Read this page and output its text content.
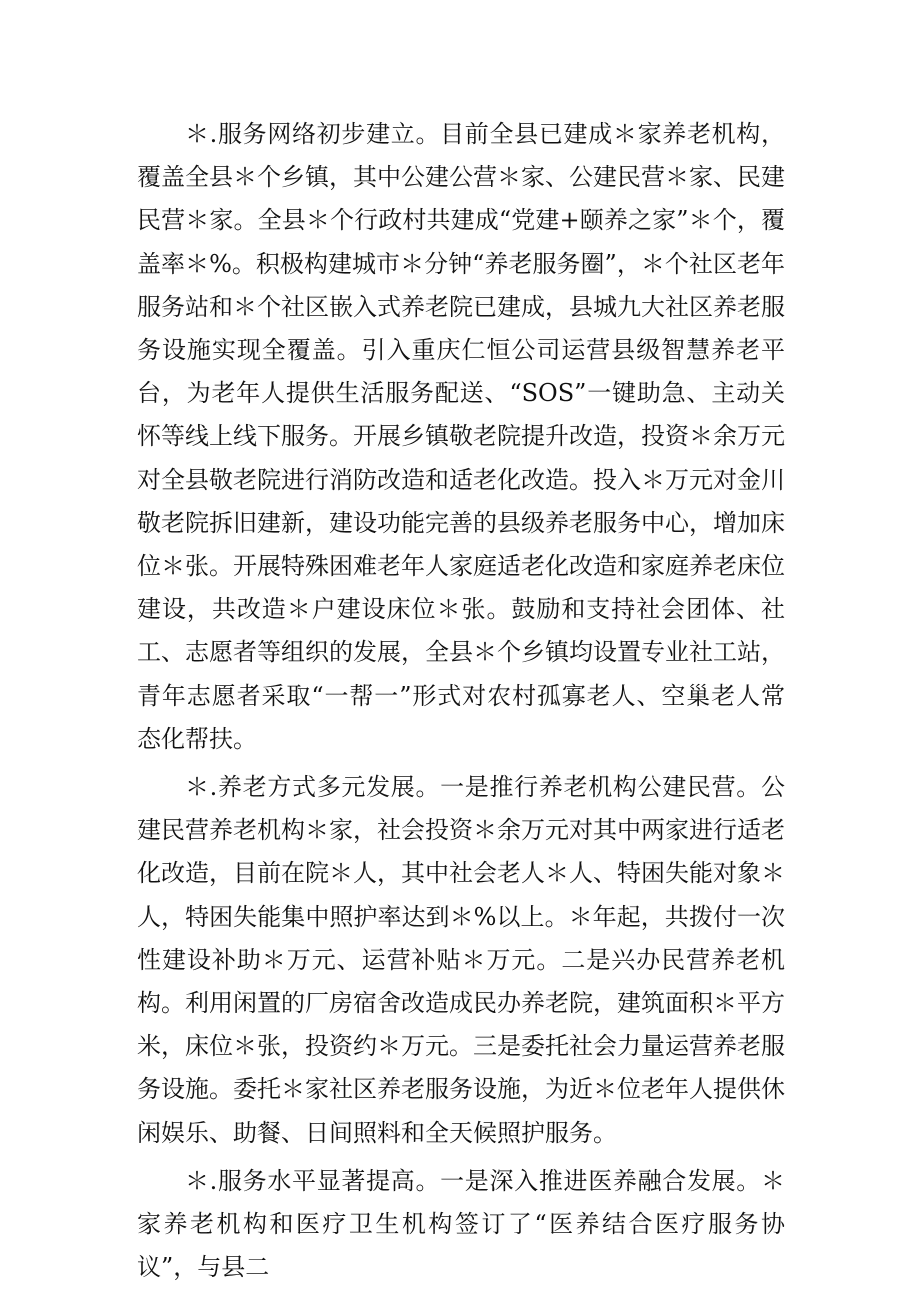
＊.服务网络初步建立。目前全县已建成＊家养老机构，覆盖全县＊个乡镇，其中公建公营＊家、公建民营＊家、民建民营＊家。全县＊个行政村共建成“党建+颐养之家”＊个，覆盖率＊%。积极构建城市＊分钟“养老服务圈”，＊个社区老年服务站和＊个社区嵌入式养老院已建成，县城九大社区养老服务设施实现全覆盖。引入重庆仁恒公司运营县级智慧养老平台，为老年人提供生活服务配送、“SOS”一键助急、主动关怀等线上线下服务。开展乡镇敬老院提升改造，投资＊余万元对全县敬老院进行消防改造和适老化改造。投入＊万元对金川敬老院拆旧建新，建设功能完善的县级养老服务中心，增加床位＊张。开展特殊困难老年人家庭适老化改造和家庭养老床位建设，共改造＊户建设床位＊张。鼓励和支持社会团体、社工、志愿者等组织的发展，全县＊个乡镇均设置专业社工站，青年志愿者采取“一帮一”形式对农村孤寡老人、空巢老人常态化帮扶。

＊.养老方式多元发展。一是推行养老机构公建民营。公建民营养老机构＊家，社会投资＊余万元对其中两家进行适老化改造，目前在院＊人，其中社会老人＊人、特困失能对象＊人，特困失能集中照护率达到＊%以上。＊年起，共拨付一次性建设补助＊万元、运营补贴＊万元。二是兴办民营养老机构。利用闲置的厂房宿舍改造成民办养老院，建筑面积＊平方米，床位＊张，投资约＊万元。三是委托社会力量运营养老服务设施。委托＊家社区养老服务设施，为近＊位老年人提供休闲娱乐、助餐、日间照料和全天候照护服务。

＊.服务水平显著提高。一是深入推进医养融合发展。＊家养老机构和医疗卫生机构签订了“医养结合医疗服务协议”，与县二
